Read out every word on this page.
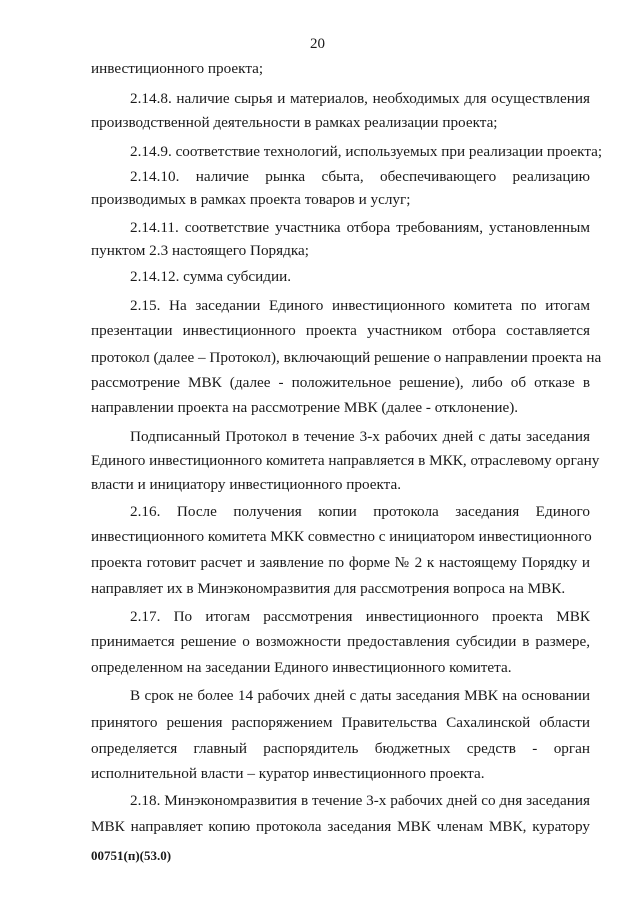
20
инвестиционного проекта;
2.14.8. наличие сырья и материалов, необходимых для осуществления
производственной деятельности в рамках реализации проекта;
2.14.9. соответствие технологий, используемых при реализации проекта;
2.14.10. наличие рынка сбыта, обеспечивающего реализацию
производимых в рамках проекта товаров и услуг;
2.14.11. соответствие участника отбора требованиям, установленным
пунктом 2.3 настоящего Порядка;
2.14.12. сумма субсидии.
2.15. На заседании Единого инвестиционного комитета по итогам
презентации инвестиционного проекта участником отбора составляется
протокол (далее – Протокол), включающий решение о направлении проекта на
рассмотрение МВК (далее - положительное решение), либо об отказе в
направлении проекта на рассмотрение МВК (далее - отклонение).
Подписанный Протокол в течение 3-х рабочих дней с даты заседания
Единого инвестиционного комитета направляется в МКК, отраслевому органу
власти и инициатору инвестиционного проекта.
2.16. После получения копии протокола заседания Единого
инвестиционного комитета МКК совместно с инициатором инвестиционного
проекта готовит расчет и заявление по форме № 2 к настоящему Порядку и
направляет их в Минэкономразвития для рассмотрения вопроса на МВК.
2.17. По итогам рассмотрения инвестиционного проекта МВК
принимается решение о возможности предоставления субсидии в размере,
определенном на заседании Единого инвестиционного комитета.
В срок не более 14 рабочих дней с даты заседания МВК на основании
принятого решения распоряжением Правительства Сахалинской области
определяется главный распорядитель бюджетных средств - орган
исполнительной власти – куратор инвестиционного проекта.
2.18. Минэкономразвития в течение 3-х рабочих дней со дня заседания
МВК направляет копию протокола заседания МВК членам МВК, куратору
00751(п)(53.0)
